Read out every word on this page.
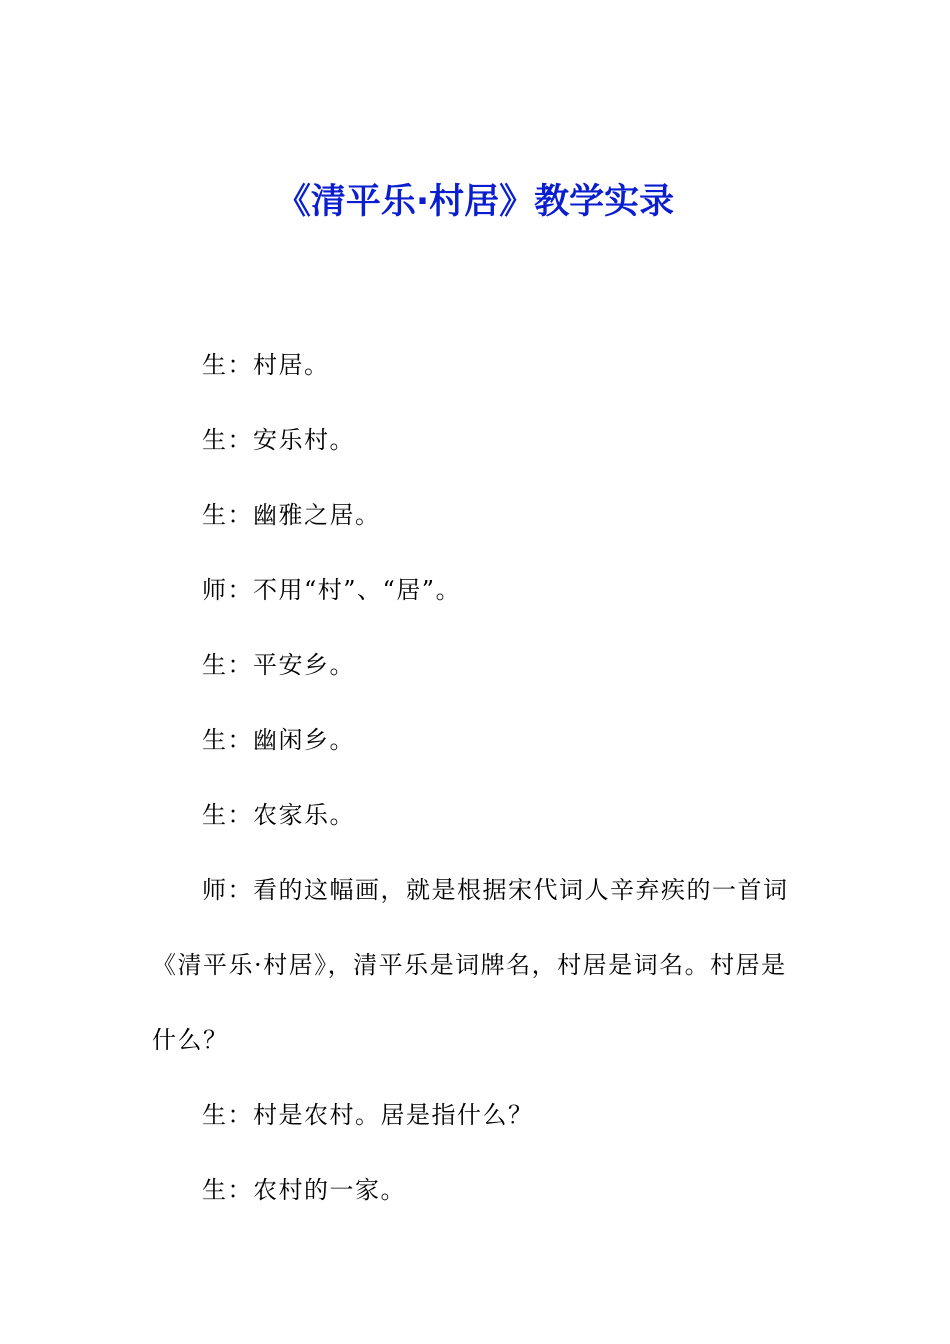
《清平乐·村居》教学实录

生：村居。

生：安乐村。

生：幽雅之居。

师：不用“村”、“居”。

生：平安乡。

生：幽闲乡。

生：农家乐。

师：看的这幅画，就是根据宋代词人辛弃疾的一首词《清平乐·村居》，清平乐是词牌名，村居是词名。村居是什么？

生：村是农村。居是指什么？

生：农村的一家。
